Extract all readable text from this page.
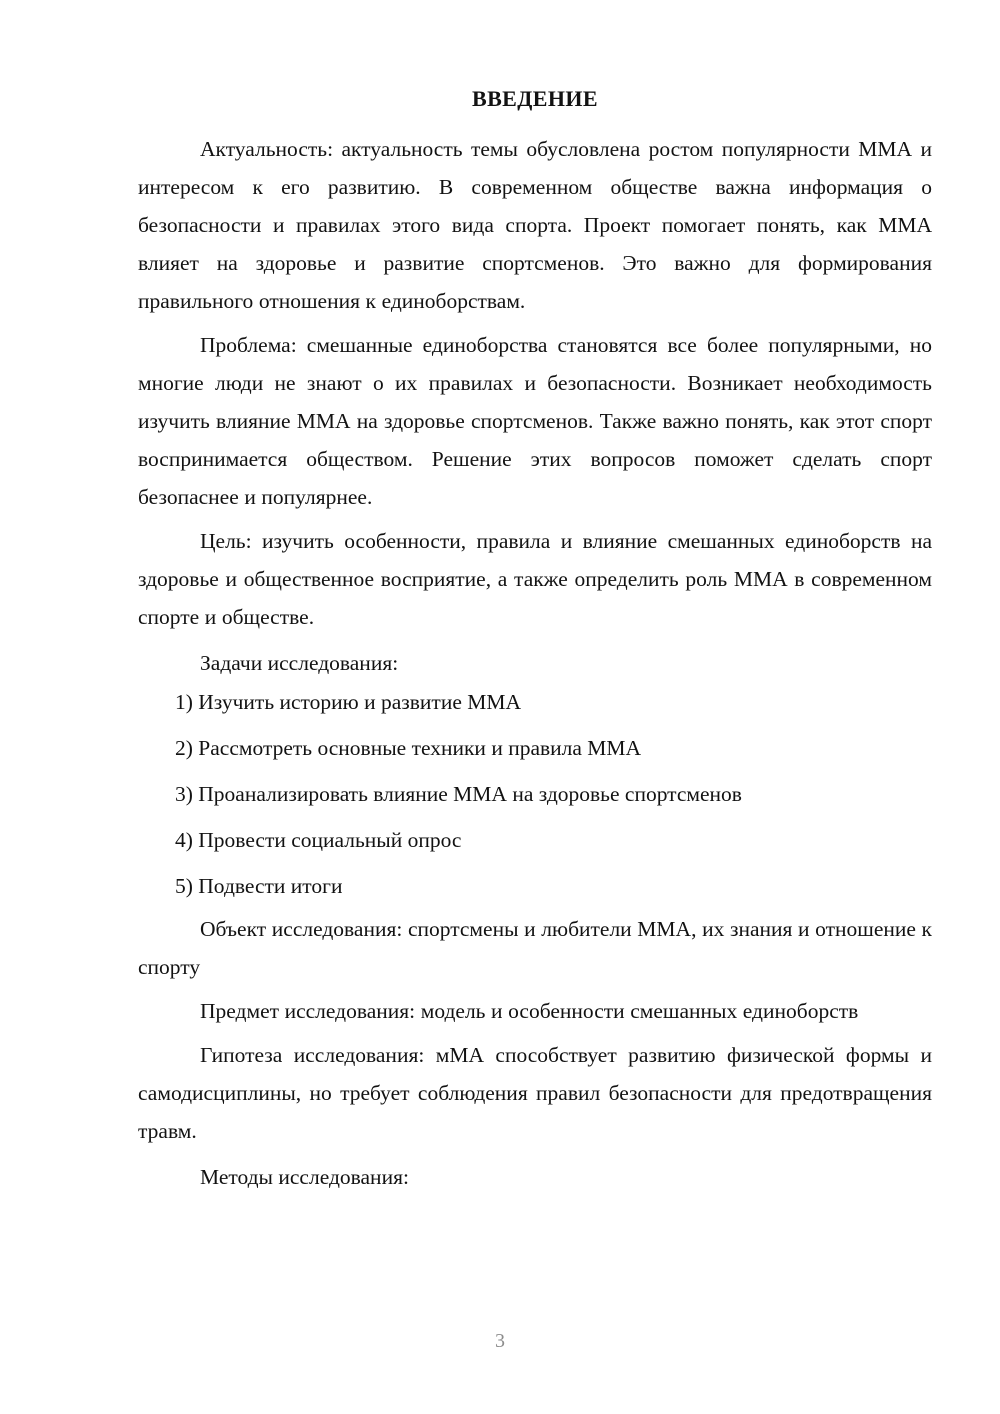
ВВЕДЕНИЕ

Актуальность: актуальность темы обусловлена ростом популярности ММА и интересом к его развитию. В современном обществе важна информация о безопасности и правилах этого вида спорта. Проект помогает понять, как ММА влияет на здоровье и развитие спортсменов. Это важно для формирования правильного отношения к единоборствам.

Проблема: смешанные единоборства становятся все более популярными, но многие люди не знают о их правилах и безопасности. Возникает необходимость изучить влияние ММА на здоровье спортсменов. Также важно понять, как этот спорт воспринимается обществом. Решение этих вопросов поможет сделать спорт безопаснее и популярнее.

Цель: изучить особенности, правила и влияние смешанных единоборств на здоровье и общественное восприятие, а также определить роль ММА в современном спорте и обществе.

Задачи исследования:

1) Изучить историю и развитие ММА
2) Рассмотреть основные техники и правила ММА
3) Проанализировать влияние ММА на здоровье спортсменов
4) Провести социальный опрос
5) Подвести итоги

Объект исследования: спортсмены и любители ММА, их знания и отношение к спорту

Предмет исследования: модель и особенности смешанных единоборств

Гипотеза исследования: мМА способствует развитию физической формы и самодисциплины, но требует соблюдения правил безопасности для предотвращения травм.

Методы исследования:

3
